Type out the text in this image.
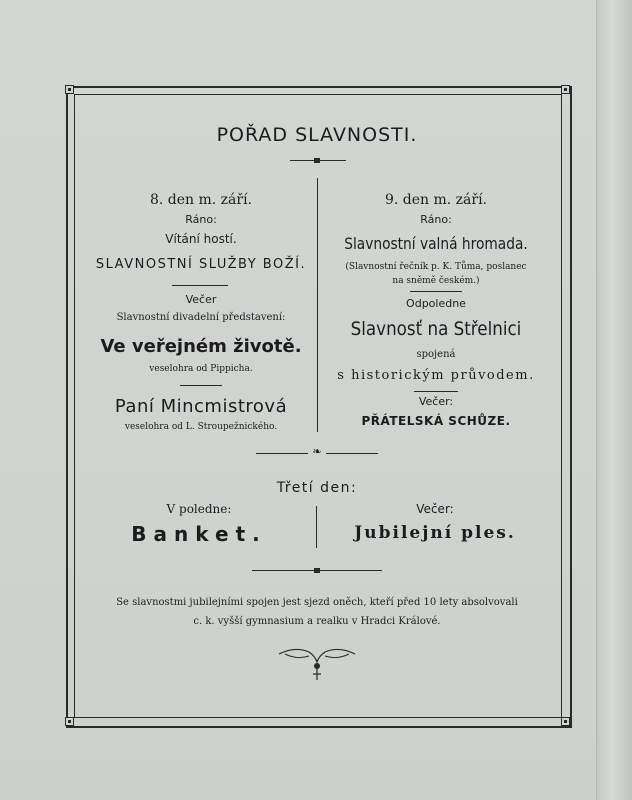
POŘAD SLAVNOSTI.
8. den m. září.
Ráno:
Vítání hostí.
SLAVNOSTNÍ SLUŽBY BOŽÍ.
Večer
Slavnostní divadelní představení:
Ve veřejném životě.
veselohra od Pippicha.
Paní Mincmistrová
veselohra od L. Stroupežnického.
9. den m. září.
Ráno:
Slavnostní valná hromada.
(Slavnostní řečník p. K. Tůma, poslanec
na sněmě českém.)
Odpoledne
Slavnosť na Střelnici
spojená
s historickým průvodem.
Večer:
PŘÁTELSKÁ SCHŮZE.
❧
Třetí den:
V poledne:
Banket.
Večer:
Jubilejní ples.
Se slavnostmi jubilejními spojen jest sjezd oněch, kteří před 10 lety absolvovali
c. k. vyšší gymnasium a realku v Hradci Králové.
